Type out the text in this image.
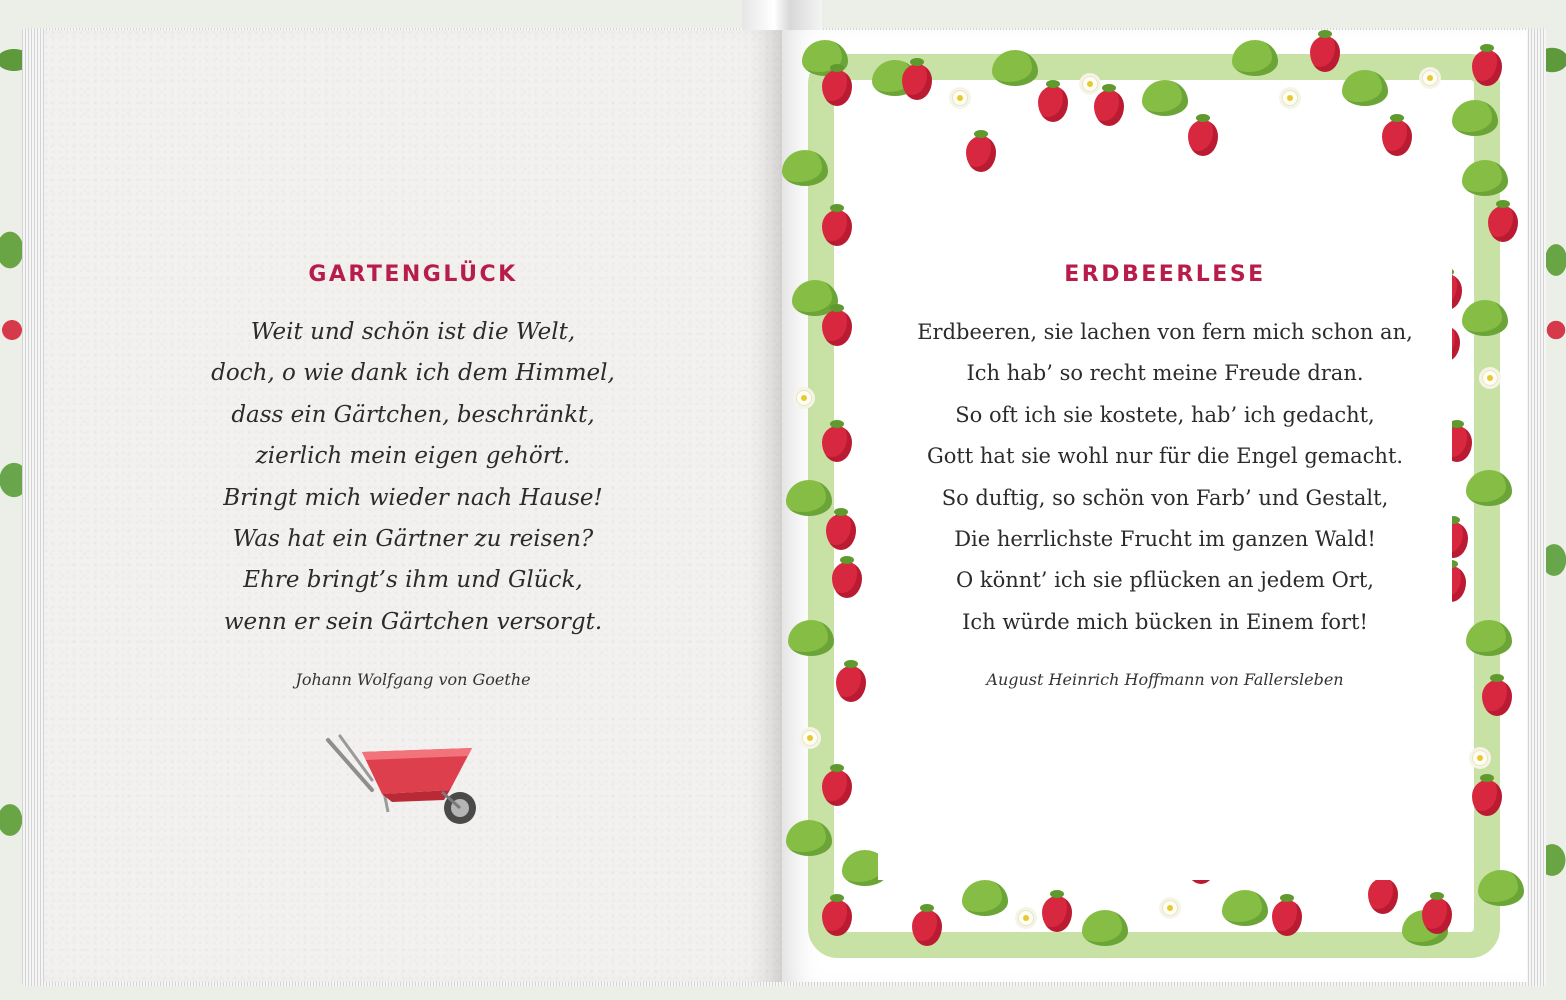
GARTENGLÜCK
Weit und schön ist die Welt,
doch, o wie dank ich dem Himmel,
dass ein Gärtchen, beschränkt,
zierlich mein eigen gehört.
Bringt mich wieder nach Hause!
Was hat ein Gärtner zu reisen?
Ehre bringt’s ihm und Glück,
wenn er sein Gärtchen versorgt.

Johann Wolfgang von Goethe

ERDBEERLESE
Erdbeeren, sie lachen von fern mich schon an,
Ich hab’ so recht meine Freude dran.
So oft ich sie kostete, hab’ ich gedacht,
Gott hat sie wohl nur für die Engel gemacht.
So duftig, so schön von Farb’ und Gestalt,
Die herrlichste Frucht im ganzen Wald!
O könnt’ ich sie pflücken an jedem Ort,
Ich würde mich bücken in Einem fort!

August Heinrich Hoffmann von Fallersleben
